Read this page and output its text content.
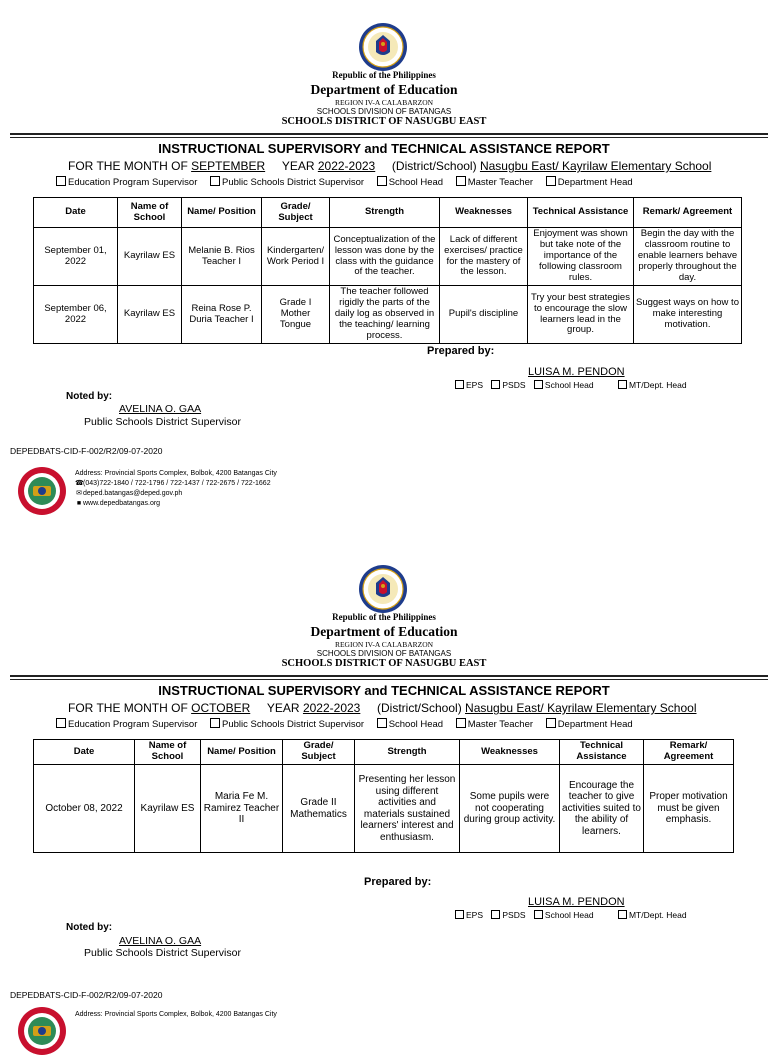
Republic of the Philippines
Department of Education
REGION IV-A CALABARZON
SCHOOLS DIVISION OF BATANGAS
SCHOOLS DISTRICT OF NASUGBU EAST
INSTRUCTIONAL SUPERVISORY and TECHNICAL ASSISTANCE REPORT
FOR THE MONTH OF SEPTEMBER YEAR 2022-2023 (District/School) Nasugbu East/ Kayrilaw Elementary School
Education Program Supervisor	Public Schools District Supervisor	School Head	Master Teacher	Department Head
Date	Name of School	Name/ Position	Grade/ Subject	Strength	Weaknesses	Technical Assistance	Remark/ Agreement
September 01, 2022	Kayrilaw ES	Melanie B. Rios Teacher I	Kindergarten/ Work Period I	Conceptualization of the lesson was done by the class with the guidance of the teacher.	Lack of different exercises/ practice for the mastery of the lesson.	Enjoyment was shown but take note of the importance of the following classroom rules.	Begin the day with the classroom routine to enable learners behave properly throughout the day.
September 06, 2022	Kayrilaw ES	Reina Rose P. Duria Teacher I	Grade I Mother Tongue	The teacher followed rigidly the parts of the daily log as observed in the teaching/ learning process.	Pupil's discipline	Try your best strategies to encourage the slow learners lead in the group.	Suggest ways on how to make interesting motivation.
Prepared by:
LUISA M. PENDON
EPS PSDS School Head	MT/Dept. Head
Noted by:
AVELINA O. GAA
Public Schools District Supervisor
DEPEDBATS-CID-F-002/R2/09-07-2020
Address: Provincial Sports Complex, Bolbok, 4200 Batangas City
☎(043)722-1840 / 722-1796 / 722-1437 / 722-2675 / 722-1662
✉deped.batangas@deped.gov.ph
■ www.depedbatangas.org
Republic of the Philippines
Department of Education
REGION IV-A CALABARZON
SCHOOLS DIVISION OF BATANGAS
SCHOOLS DISTRICT OF NASUGBU EAST
INSTRUCTIONAL SUPERVISORY and TECHNICAL ASSISTANCE REPORT
FOR THE MONTH OF OCTOBER YEAR 2022-2023 (District/School) Nasugbu East/ Kayrilaw Elementary School
Education Program Supervisor	Public Schools District Supervisor	School Head	Master Teacher	Department Head
Date	Name of School	Name/ Position	Grade/ Subject	Strength	Weaknesses	Technical Assistance	Remark/ Agreement
October 08, 2022	Kayrilaw ES	Maria Fe M. Ramirez Teacher II	Grade II Mathematics	Presenting her lesson using different activities and materials sustained learners' interest and enthusiasm.	Some pupils were not cooperating during group activity.	Encourage the teacher to give activities suited to the ability of learners.	Proper motivation must be given emphasis.
Prepared by:
LUISA M. PENDON
EPS PSDS School Head	MT/Dept. Head
Noted by:
AVELINA O. GAA
Public Schools District Supervisor
DEPEDBATS-CID-F-002/R2/09-07-2020
Address: Provincial Sports Complex, Bolbok, 4200 Batangas City
